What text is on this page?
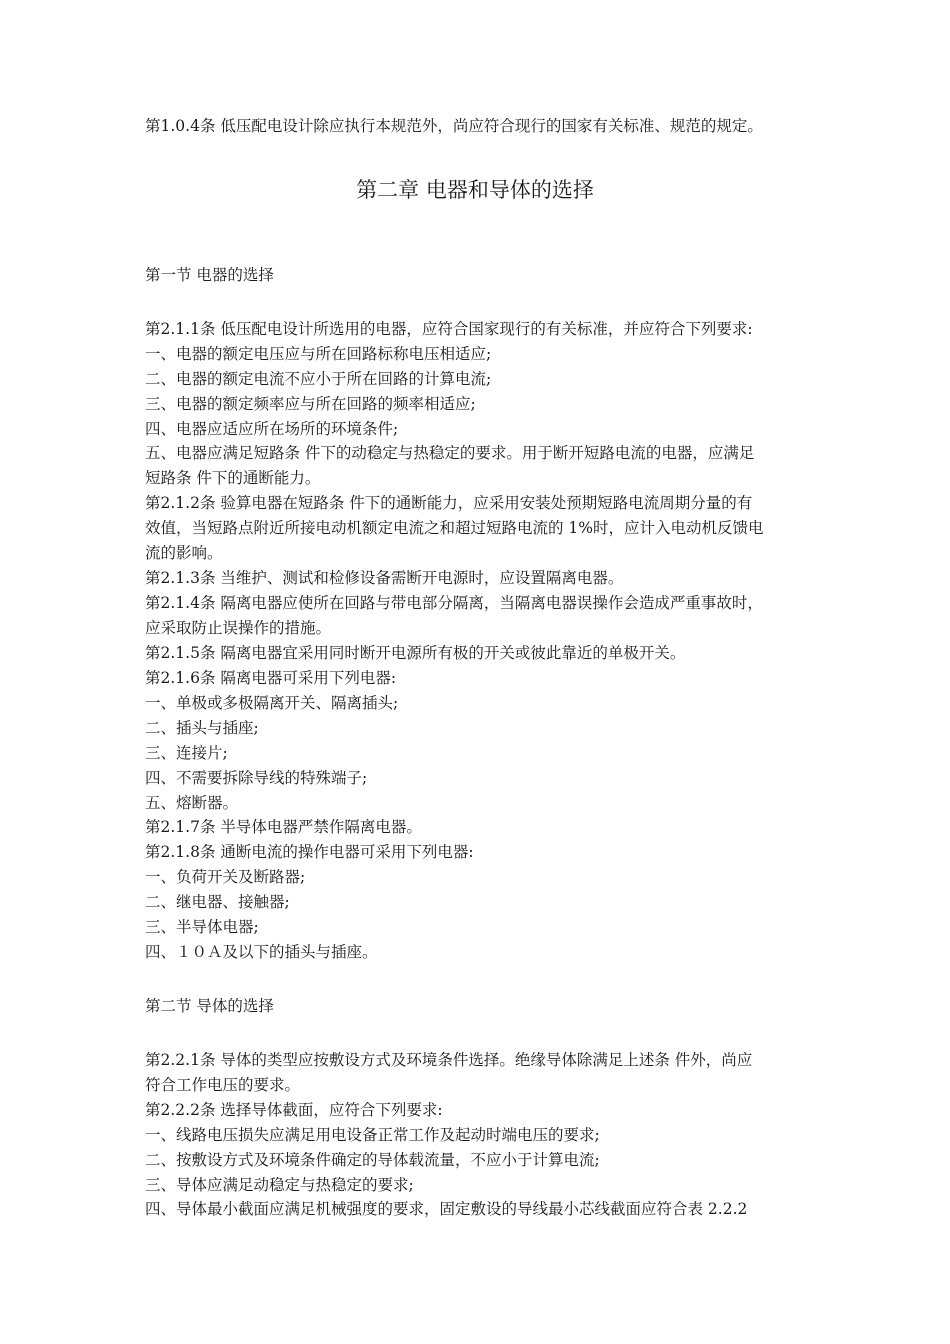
第1.0.4条 低压配电设计除应执行本规范外，尚应符合现行的国家有关标准、规范的规定。
第二章 电器和导体的选择
第一节 电器的选择
第2.1.1条 低压配电设计所选用的电器，应符合国家现行的有关标准，并应符合下列要求:
一、电器的额定电压应与所在回路标称电压相适应;
二、电器的额定电流不应小于所在回路的计算电流;
三、电器的额定频率应与所在回路的频率相适应;
四、电器应适应所在场所的环境条件;
五、电器应满足短路条 件下的动稳定与热稳定的要求。用于断开短路电流的电器，应满足
短路条 件下的通断能力。
第2.1.2条 验算电器在短路条 件下的通断能力，应采用安装处预期短路电流周期分量的有
效值，当短路点附近所接电动机额定电流之和超过短路电流的 1%时，应计入电动机反馈电
流的影响。
第2.1.3条 当维护、测试和检修设备需断开电源时，应设置隔离电器。
第2.1.4条 隔离电器应使所在回路与带电部分隔离，当隔离电器误操作会造成严重事故时，
应采取防止误操作的措施。
第2.1.5条 隔离电器宜采用同时断开电源所有极的开关或彼此靠近的单极开关。
第2.1.6条 隔离电器可采用下列电器:
一、单极或多极隔离开关、隔离插头;
二、插头与插座;
三、连接片;
四、不需要拆除导线的特殊端子;
五、熔断器。
第2.1.7条 半导体电器严禁作隔离电器。
第2.1.8条 通断电流的操作电器可采用下列电器:
一、负荷开关及断路器;
二、继电器、接触器;
三、半导体电器;
四、１０Ａ及以下的插头与插座。
第二节 导体的选择
第2.2.1条 导体的类型应按敷设方式及环境条件选择。绝缘导体除满足上述条 件外，尚应
符合工作电压的要求。
第2.2.2条 选择导体截面，应符合下列要求:
一、线路电压损失应满足用电设备正常工作及起动时端电压的要求;
二、按敷设方式及环境条件确定的导体载流量，不应小于计算电流;
三、导体应满足动稳定与热稳定的要求;
四、导体最小截面应满足机械强度的要求，固定敷设的导线最小芯线截面应符合表 2.2.2
